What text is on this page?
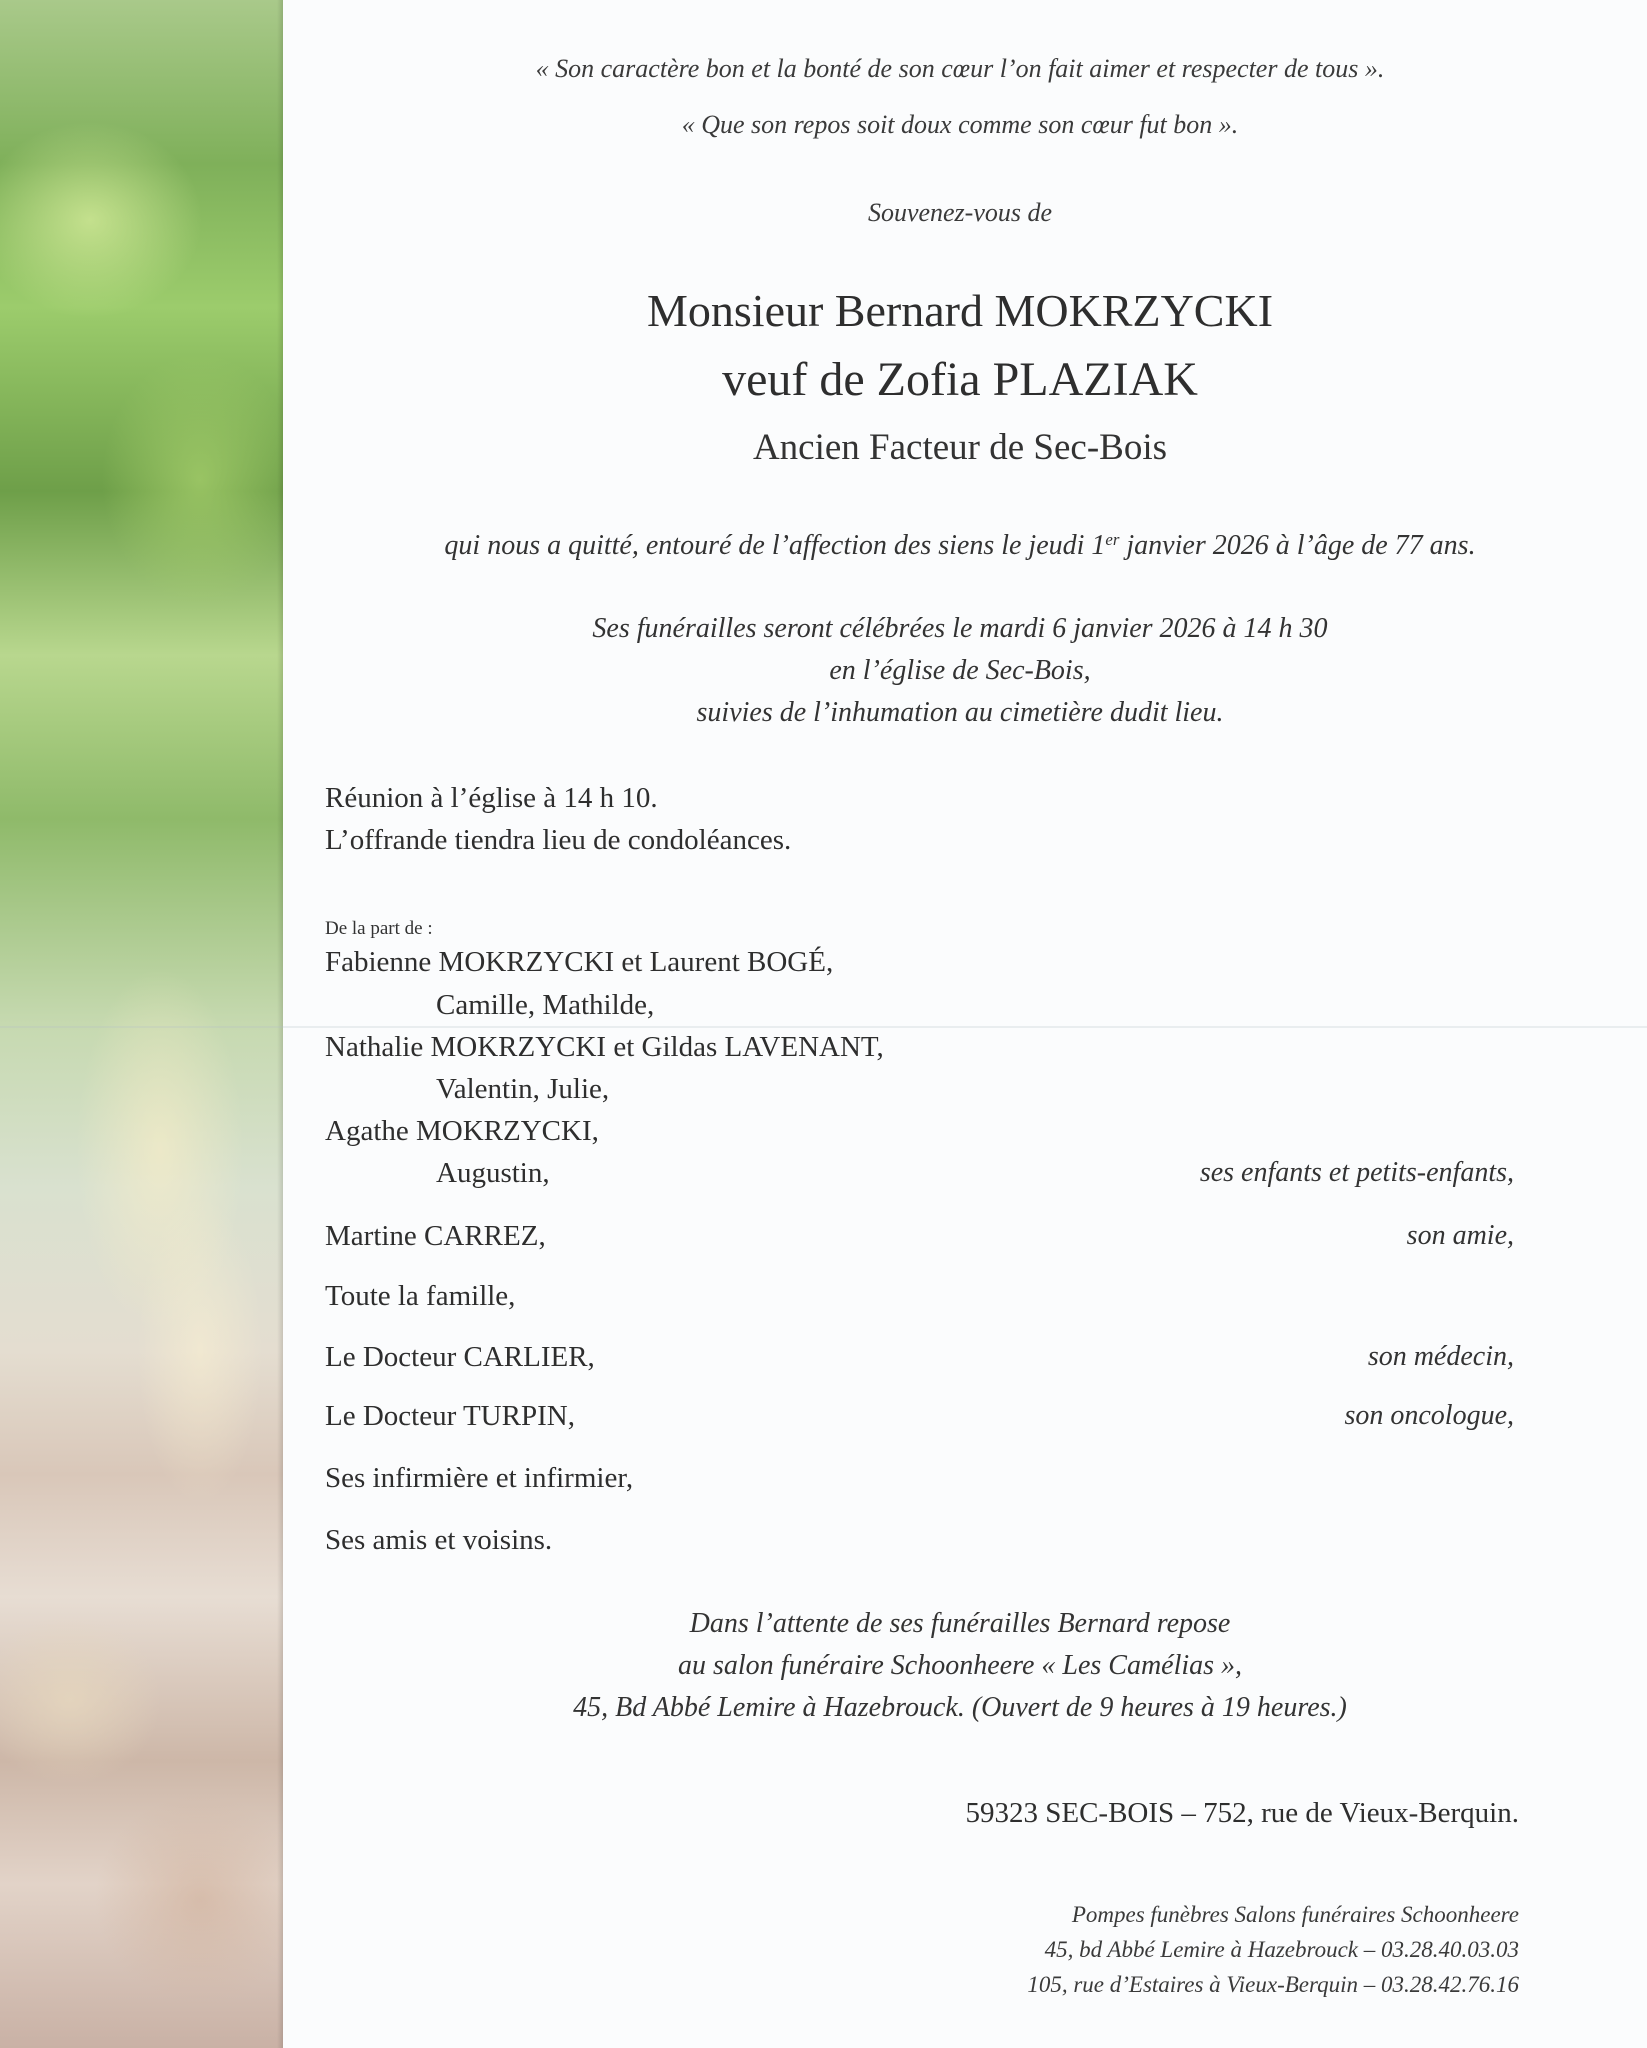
« Son caractère bon et la bonté de son cœur l’on fait aimer et respecter de tous ».

« Que son repos soit doux comme son cœur fut bon ».

Souvenez-vous de

Monsieur Bernard MOKRZYCKI

veuf de Zofia PLAZIAK

Ancien Facteur de Sec-Bois

qui nous a quitté, entouré de l’affection des siens le jeudi 1er janvier 2026 à l’âge de 77 ans.

Ses funérailles seront célébrées le mardi 6 janvier 2026 à 14 h 30

en l’église de Sec-Bois,

suivies de l’inhumation au cimetière dudit lieu.

Réunion à l’église à 14 h 10.

L’offrande tiendra lieu de condoléances.

De la part de :

Fabienne MOKRZYCKI et Laurent BOGÉ,

Camille, Mathilde,

Nathalie MOKRZYCKI et Gildas LAVENANT,

Valentin, Julie,

Agathe MOKRZYCKI,

Augustin,	ses enfants et petits-enfants,

Martine CARREZ,	son amie,

Toute la famille,

Le Docteur CARLIER,	son médecin,

Le Docteur TURPIN,	son oncologue,

Ses infirmière et infirmier,

Ses amis et voisins.

Dans l’attente de ses funérailles Bernard repose

au salon funéraire Schoonheere « Les Camélias »,

45, Bd Abbé Lemire à Hazebrouck. (Ouvert de 9 heures à 19 heures.)

59323 SEC-BOIS – 752, rue de Vieux-Berquin.

Pompes funèbres Salons funéraires Schoonheere

45, bd Abbé Lemire à Hazebrouck – 03.28.40.03.03

105, rue d’Estaires à Vieux-Berquin – 03.28.42.76.16
